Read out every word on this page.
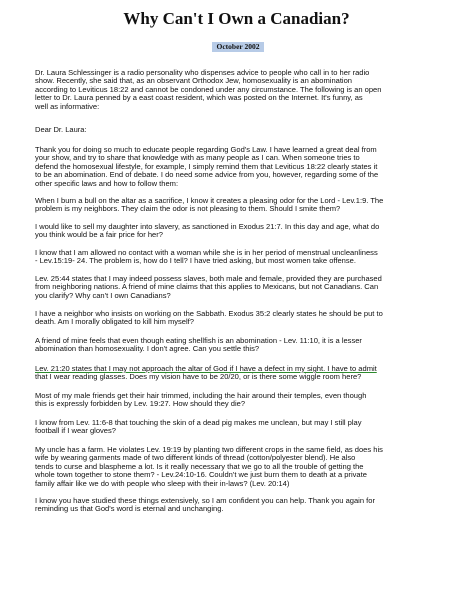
Why Can't I Own a Canadian?
October 2002
Dr. Laura Schlessinger is a radio personality who dispenses advice to people who call in to her radio
show. Recently, she said that, as an observant Orthodox Jew, homosexuality is an abomination
according to Leviticus 18:22 and cannot be condoned under any circumstance. The following is an open
letter to Dr. Laura penned by a east coast resident, which was posted on the Internet. It's funny, as
well as informative:
Dear Dr. Laura:
Thank you for doing so much to educate people regarding God's Law. I have learned a great deal from
your show, and try to share that knowledge with as many people as I can. When someone tries to
defend the homosexual lifestyle, for example, I simply remind them that Leviticus 18:22 clearly states it
to be an abomination. End of debate. I do need some advice from you, however, regarding some of the
other specific laws and how to follow them:
When I burn a bull on the altar as a sacrifice, I know it creates a pleasing odor for the Lord - Lev.1:9. The
problem is my neighbors. They claim the odor is not pleasing to them. Should I smite them?
I would like to sell my daughter into slavery, as sanctioned in Exodus 21:7. In this day and age, what do
you think would be a fair price for her?
I know that I am allowed no contact with a woman while she is in her period of menstrual uncleanliness
- Lev.15:19- 24. The problem is, how do I tell? I have tried asking, but most women take offense.
Lev. 25:44 states that I may indeed possess slaves, both male and female, provided they are purchased
from neighboring nations. A friend of mine claims that this applies to Mexicans, but not Canadians. Can
you clarify? Why can't I own Canadians?
I have a neighbor who insists on working on the Sabbath. Exodus 35:2 clearly states he should be put to
death. Am I morally obligated to kill him myself?
A friend of mine feels that even though eating shellfish is an abomination - Lev. 11:10, it is a lesser
abomination than homosexuality. I don't agree. Can you settle this?
Lev. 21:20 states that I may not approach the altar of God if I have a defect in my sight. I have to admit
that I wear reading glasses. Does my vision have to be 20/20, or is there some wiggle room here?
Most of my male friends get their hair trimmed, including the hair around their temples, even though
this is expressly forbidden by Lev. 19:27. How should they die?
I know from Lev. 11:6-8 that touching the skin of a dead pig makes me unclean, but may I still play
football if I wear gloves?
My uncle has a farm. He violates Lev. 19:19 by planting two different crops in the same field, as does his
wife by wearing garments made of two different kinds of thread (cotton/polyester blend). He also
tends to curse and blaspheme a lot. Is it really necessary that we go to all the trouble of getting the
whole town together to stone them? - Lev.24:10-16. Couldn't we just burn them to death at a private
family affair like we do with people who sleep with their in-laws? (Lev. 20:14)
I know you have studied these things extensively, so I am confident you can help. Thank you again for
reminding us that God's word is eternal and unchanging.
